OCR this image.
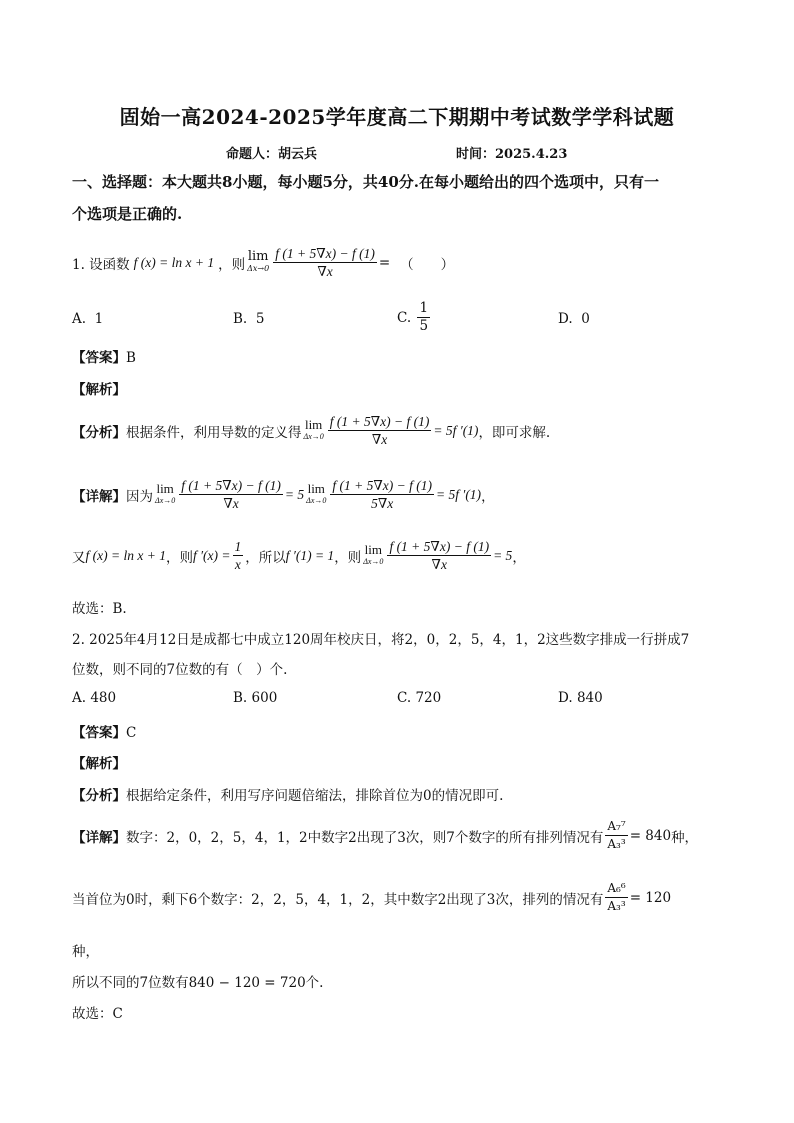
固始一高2024-2025学年度高二下期期中考试数学学科试题
命题人：胡云兵	时间：2025.4.23
一、选择题：本大题共8小题，每小题5分，共40分.在每小题给出的四个选项中，只有一
个选项是正确的.
1. 设函数 f (x) = ln x + 1 ，则
lim
$\Delta x\to 0 \frac{f (1 + 5\nabla x) - f (1)}{\nabla x}$ = （　　）
A. 1	B. 5	C.
$\frac{1}{5}$	D. 0
【答案】B
【解析】
【分析】 根据条件，利用导数的定义得
lim
$\Delta x\to 0 \frac{f (1 + 5\nabla x) - f (1)}{\nabla x} = 5f$ ′(1) ，即可求解.
【详解】 因为
lim
$\Delta x\to 0 \frac{f (1 + 5\nabla x) - f (1)}{\nabla x} = 5$ lim
$\Delta x\to 0 \frac{f (1 + 5\nabla x) - f (1)}{5\nabla x} = 5f$ ′(1) ，
又 f (x) = ln x + 1 ，则 f $'(x) = \frac{1}{x}$ ，所以 f ′(1) = 1 ，则
lim
$\Delta x\to 0 \frac{f (1 + 5\nabla x) - f (1)}{\nabla x} = 5$ ，
故选：B.
2. 2025年4月12日是成都七中成立120周年校庆日，将2，0，2，5，4，1，2这些数字排成一行拼成7
位数，则不同的7位数的有（　）个.
A. 480	B. 600	C. 720	D. 840
【答案】C
【解析】
【分析】根据给定条件，利用写序问题倍缩法，排除首位为0的情况即可.
【详解】 数字：2，0，2，5，4，1，2中数字2出现了3次，则7个数字的所有排列情况有 $\frac{\text{A₇⁷}}{\text{A₃³}} = 840$ 种，
当首位为0时，剩下6个数字：2，2，5，4，1，2，其中数字2出现了3次，排列的情况有 $\frac{\text{A₆⁶}}{\text{A₃³}} = 120$
种，
所以不同的7位数有840 − 120 = 720个.
故选：C
